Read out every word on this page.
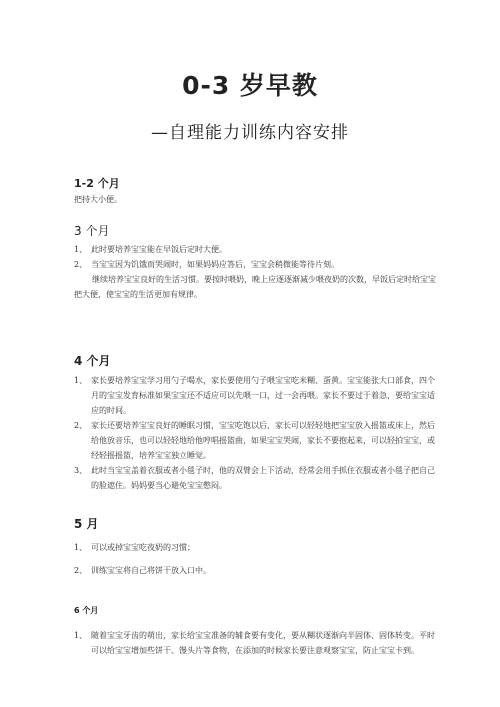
0-3 岁早教
—自理能力训练内容安排
1-2 个月
把持大小便。
3 个月
1、 此时要培养宝宝能在早饭后定时大便。
2、 当宝宝因为饥饿而哭闹时，如果妈妈应答后，宝宝会稍微能等待片刻。
继续培养宝宝良好的生活习惯。要按时喂奶，晚上应逐逐渐减少喂夜奶的次数，早饭后定时给宝宝把大便，使宝宝的生活更加有规律。
4 个月
1、 家长要培养宝宝学习用勺子喝水，家长要使用勺子喂宝宝吃米糊、蛋黄。宝宝能张大口部食，四个月的宝宝发育标准如果宝宝还不适应可以先喂一口，过一会再喂。家长不要过于着急，要给宝宝适应的时间。
2、 家长还要培养宝宝良好的睡眠习惯，宝宝吃饱以后，家长可以轻轻地把宝宝放入摇篮或床上，然后给他放音乐，也可以轻轻地给他哼唱摇篮曲，如果宝宝哭闹，家长不要抱起来，可以轻拍宝宝，或经轻摇摇篮，培养宝宝独立睡觉。
3、 此时当宝宝盖着衣服或者小毯子时，他的双臂会上下活动，经常会用手抓住衣服或者小毯子把自己的脸遮住。妈妈要当心避免宝宝憋闷。
5 月
1、 可以或掉宝宝吃夜奶的习惯；
2、 训练宝宝将自己将饼干放入口中。
6 个月
1、 随着宝宝牙齿的萌出，家长给宝宝准备的辅食要有变化，要从糊状逐渐向半固体、固体转变。平时可以给宝宝增加些饼干、馒头片等食物，在添加的时候家长要注意观察宝宝，防止宝宝卡到。
